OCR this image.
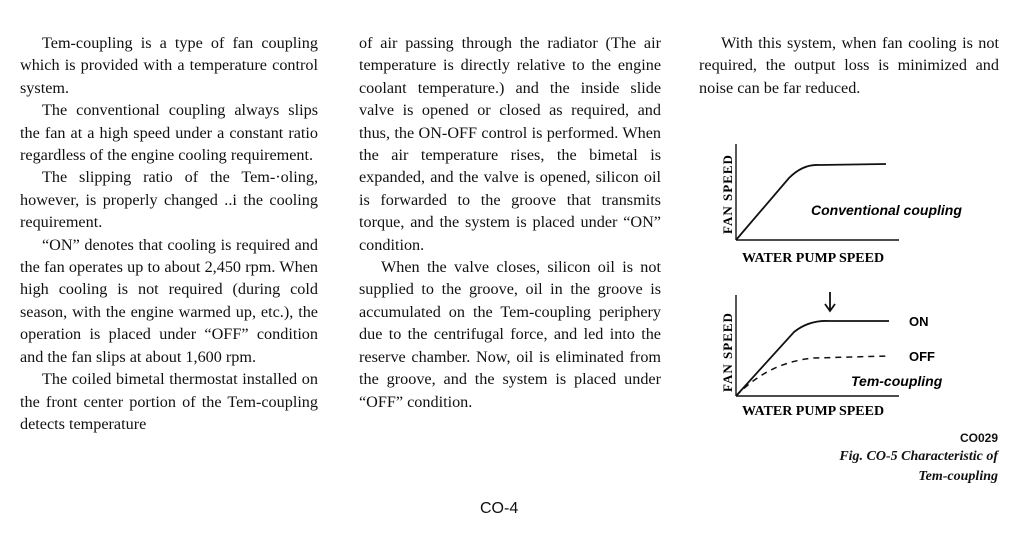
Tem-coupling is a type of fan coupling which is provided with a temperature control system.

The conventional coupling always slips the fan at a high speed under a constant ratio regardless of the engine cooling requirement.

The slipping ratio of the Tem-·oling, however, is properly changed ..i the cooling requirement.

“ON” denotes that cooling is required and the fan operates up to about 2,450 rpm. When high cooling is not required (during cold season, with the engine warmed up, etc.), the operation is placed under “OFF” condition and the fan slips at about 1,600 rpm.

The coiled bimetal thermostat installed on the front center portion of the Tem-coupling detects temperature

of air passing through the radiator (The air temperature is directly relative to the engine coolant temperature.) and the inside slide valve is opened or closed as required, and thus, the ON-OFF control is performed. When the air temperature rises, the bimetal is expanded, and the valve is opened, silicon oil is forwarded to the groove that transmits torque, and the system is placed under “ON” condition.

When the valve closes, silicon oil is not supplied to the groove, oil in the groove is accumulated on the Tem-coupling periphery due to the centrifugal force, and led into the reserve chamber. Now, oil is eliminated from the groove, and the system is placed under “OFF” condition.

With this system, when fan cooling is not required, the output loss is minimized and noise can be far reduced.

FAN SPEED
WATER PUMP SPEED
Conventional coupling
FAN SPEED
WATER PUMP SPEED
ON
OFF
Tem-coupling
CO029
Fig. CO-5 Characteristic of
Tem-coupling
CO-4
